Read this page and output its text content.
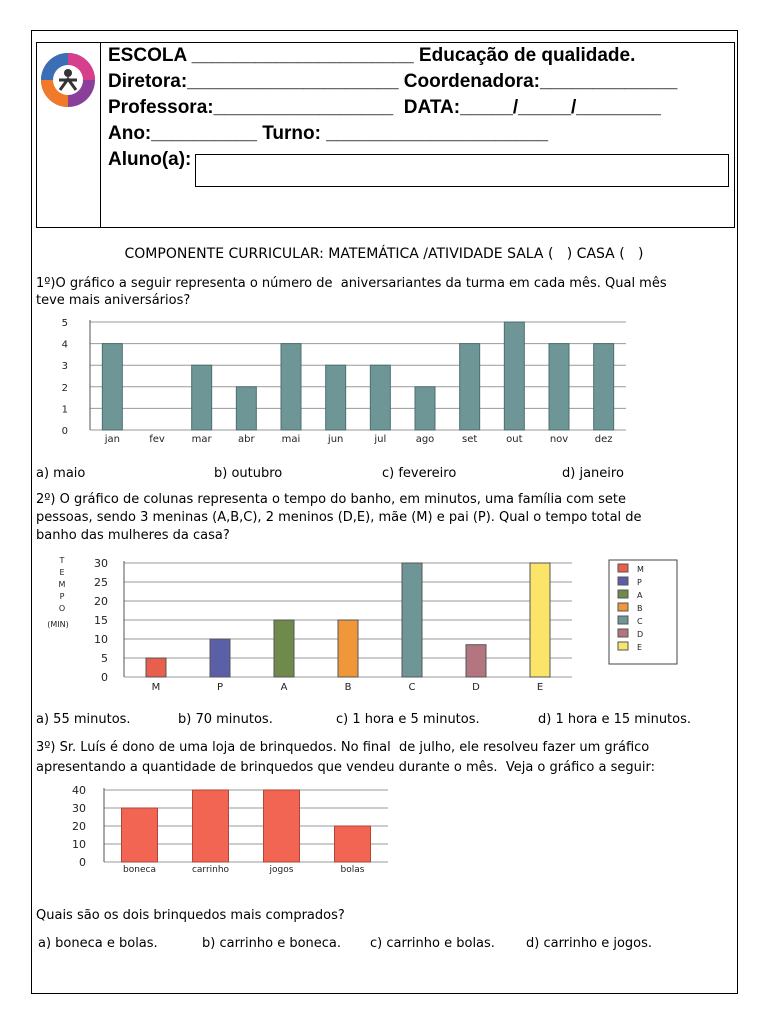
ESCOLA _____________________ Educação de qualidade.
Diretora:____________________ Coordenadora:_____________
Professora:_________________  DATA:_____/_____/________
Ano:__________ Turno: _____________________
Aluno(a):
COMPONENTE CURRICULAR: MATEMÁTICA /ATIVIDADE SALA (   ) CASA (   )
1º)O gráfico a seguir representa o número de  aniversariantes da turma em cada mês. Qual mês
teve mais aniversários?
0
1
2
3
4
5
jan	fev	mar	abr	mai	jun	jul	ago	set	out	nov	dez
a) maio	b) outubro	c) fevereiro	d) janeiro
2º) O gráfico de colunas representa o tempo do banho, em minutos, uma família com sete
pessoas, sendo 3 meninas (A,B,C), 2 meninos (D,E), mãe (M) e pai (P). Qual o tempo total de
banho das mulheres da casa?
0
5
10
15
20
25
30
M	P	A	B	C	D	E
T
E
M
P
O
(MIN)
M
P
A
B
C
D
E
a) 55 minutos.	b) 70 minutos.	c) 1 hora e 5 minutos.	d) 1 hora e 15 minutos.
3º) Sr. Luís é dono de uma loja de brinquedos. No final  de julho, ele resolveu fazer um gráfico
apresentando a quantidade de brinquedos que vendeu durante o mês.  Veja o gráfico a seguir:
0
10
20
30
40
boneca	carrinho	jogos	bolas
Quais são os dois brinquedos mais comprados?
a) boneca e bolas.	b) carrinho e boneca. c) carrinho e bolas. d) carrinho e jogos.
